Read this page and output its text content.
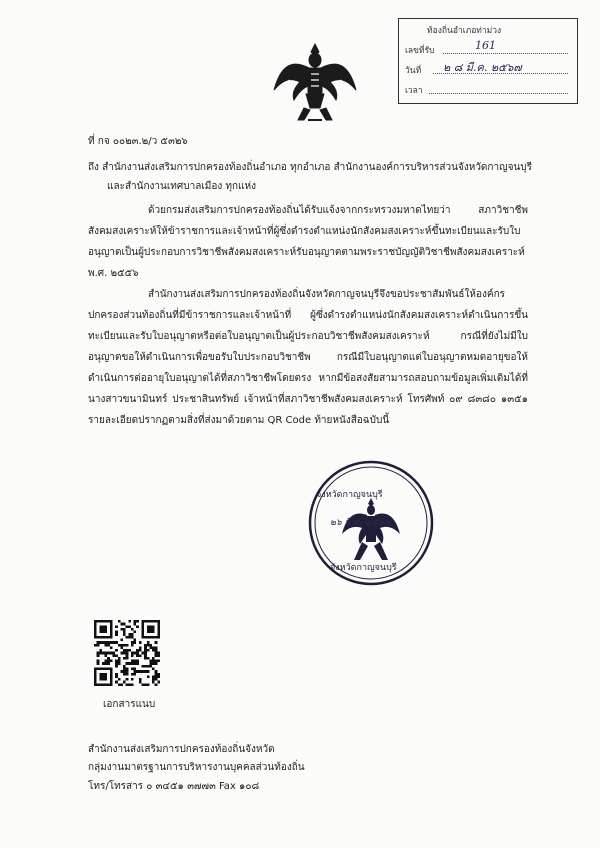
ท้องถิ่นอำเภอท่าม่วง
เลขที่รับ	161
วันที่ ๒ ๘ มี.ค. ๒๕๖๗
เวลา
ที่ กจ ๐๐๒๓.๒/ว ๕๓๒๖
ถึง สำนักงานส่งเสริมการปกครองท้องถิ่นอำเภอ ทุกอำเภอ สำนักงานองค์การบริหารส่วนจังหวัดกาญจนบุรี
และสำนักงานเทศบาลเมือง ทุกแห่ง
ด้วยกรมส่งเสริมการปกครองท้องถิ่นได้รับแจ้งจากกระทรวงมหาดไทยว่า สภาวิชาชีพสังคมสงเคราะห์ให้ข้าราชการและเจ้าหน้าที่ผู้ซึ่งดำรงตำแหน่งนักสังคมสงเคราะห์ขึ้นทะเบียนและรับใบอนุญาตเป็นผู้ประกอบการวิชาชีพสังคมสงเคราะห์รับอนุญาตตามพระราชบัญญัติวิชาชีพสังคมสงเคราะห์ พ.ศ. ๒๕๕๖
สำนักงานส่งเสริมการปกครองท้องถิ่นจังหวัดกาญจนบุรีจึงขอประชาสัมพันธ์ให้องค์กรปกครองส่วนท้องถิ่นที่มีข้าราชการและเจ้าหน้าที่ ผู้ซึ่งดำรงตำแหน่งนักสังคมสงเคราะห์ดำเนินการขึ้นทะเบียนและรับใบอนุญาตหรือต่อใบอนุญาตเป็นผู้ประกอบวิชาชีพสังคมสงเคราะห์ กรณีที่ยังไม่มีใบอนุญาตขอให้ดำเนินการเพื่อขอรับใบประกอบวิชาชีพ กรณีมีใบอนุญาตแต่ใบอนุญาตหมดอายุขอให้ดำเนินการต่ออายุใบอนุญาตได้ที่สภาวิชาชีพโดยตรง หากมีข้อสงสัยสามารถสอบถามข้อมูลเพิ่มเติมได้ที่ นางสาวขนามินทร์ ประชาสินทรัพย์ เจ้าหน้าที่สภาวิชาชีพสังคมสงเคราะห์ โทรศัพท์ ๐๙ ๘๓๘๐ ๑๓๕๑ รายละเอียดปรากฏตามสิ่งที่ส่งมาด้วยตาม QR Code ท้ายหนังสือฉบับนี้
จังหวัดกาญจนบุรี
๒๖ มี.ค. ๒๕๖๗
จังหวัดกาญจนบุรี
เอกสารแนบ
สำนักงานส่งเสริมการปกครองท้องถิ่นจังหวัด
กลุ่มงานมาตรฐานการบริหารงานบุคคลส่วนท้องถิ่น
โทร/โทรสาร ๐ ๓๔๕๑ ๓๗๗๓ Fax ๑๐๘
